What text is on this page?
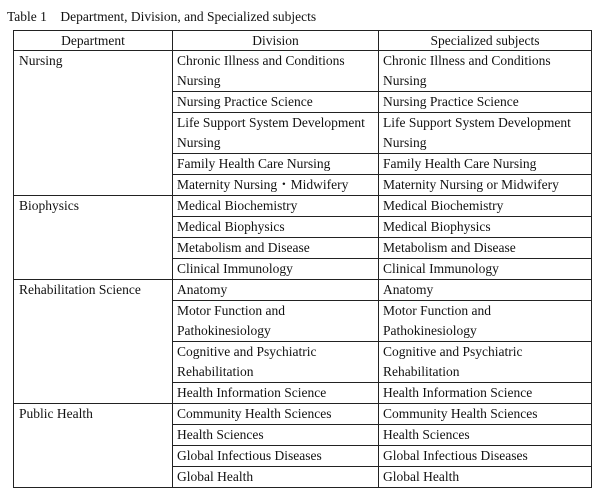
Table 1 Department, Division, and Specialized subjects
Department	Division	Specialized subjects
Nursing	Chronic Illness and Conditions Nursing	Chronic Illness and Conditions Nursing
	Nursing Practice Science	Nursing Practice Science
	Life Support System Development Nursing	Life Support System Development Nursing
	Family Health Care Nursing	Family Health Care Nursing
	Maternity Nursing・Midwifery	Maternity Nursing or Midwifery
Biophysics	Medical Biochemistry	Medical Biochemistry
	Medical Biophysics	Medical Biophysics
	Metabolism and Disease	Metabolism and Disease
	Clinical Immunology	Clinical Immunology
Rehabilitation Science	Anatomy	Anatomy
	Motor Function and Pathokinesiology	Motor Function and Pathokinesiology
	Cognitive and Psychiatric Rehabilitation	Cognitive and Psychiatric Rehabilitation
	Health Information Science	Health Information Science
Public Health	Community Health Sciences	Community Health Sciences
	Health Sciences	Health Sciences
	Global Infectious Diseases	Global Infectious Diseases
	Global Health	Global Health
